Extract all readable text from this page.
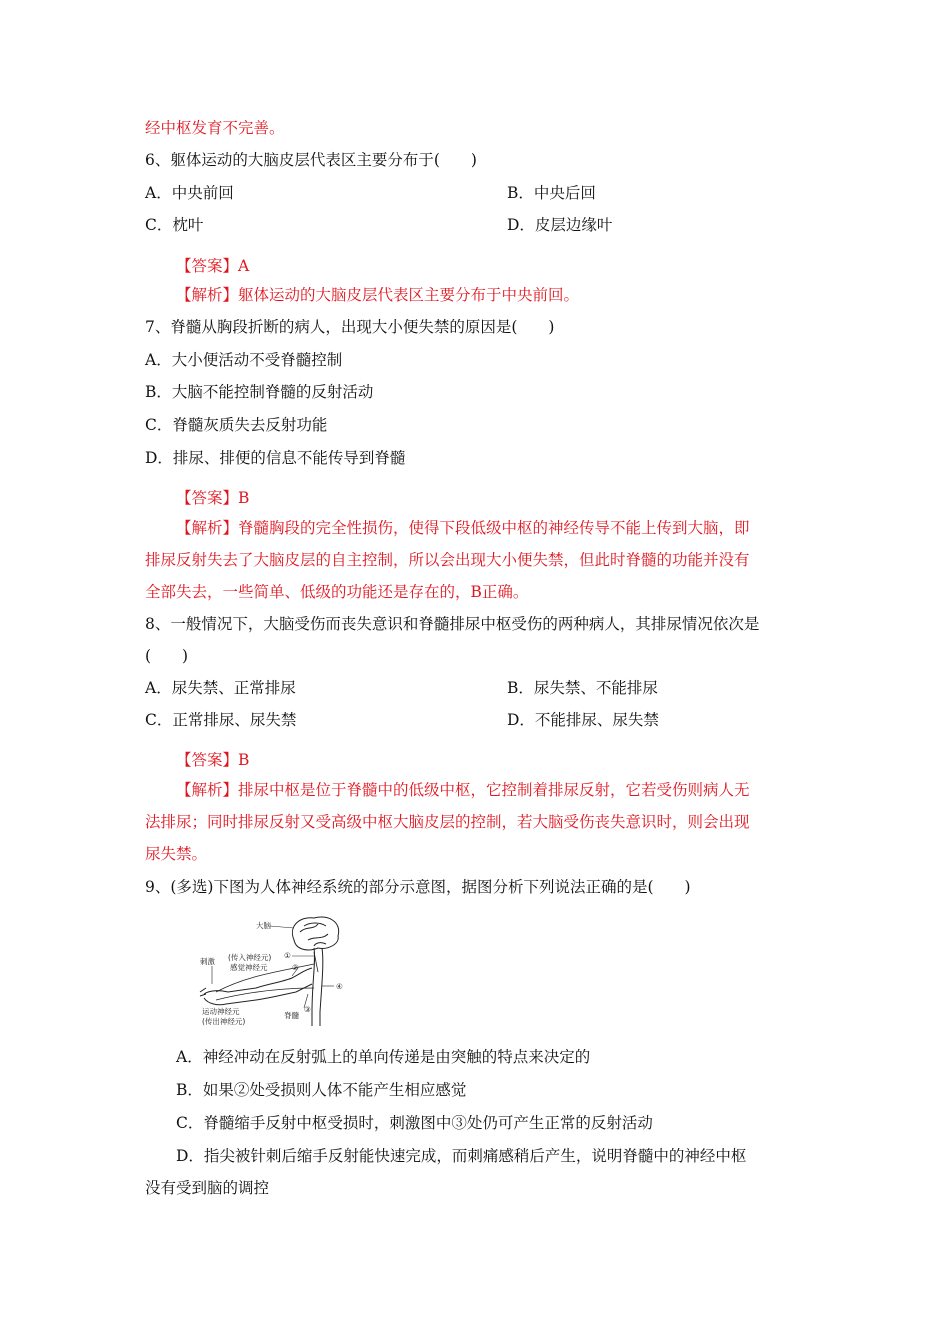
经中枢发育不完善。
6、躯体运动的大脑皮层代表区主要分布于(　　)
A．中央前回	B．中央后回
C．枕叶	D．皮层边缘叶
【答案】A
【解析】躯体运动的大脑皮层代表区主要分布于中央前回。
7、脊髓从胸段折断的病人，出现大小便失禁的原因是(　　)
A．大小便活动不受脊髓控制
B．大脑不能控制脊髓的反射活动
C．脊髓灰质失去反射功能
D．排尿、排便的信息不能传导到脊髓
【答案】B
【解析】脊髓胸段的完全性损伤，使得下段低级中枢的神经传导不能上传到大脑，即
排尿反射失去了大脑皮层的自主控制，所以会出现大小便失禁，但此时脊髓的功能并没有
全部失去，一些简单、低级的功能还是存在的，B正确。
8、一般情况下，大脑受伤而丧失意识和脊髓排尿中枢受伤的两种病人，其排尿情况依次是
(　　)
A．尿失禁、正常排尿	B．尿失禁、不能排尿
C．正常排尿、尿失禁	D．不能排尿、尿失禁
【答案】B
【解析】排尿中枢是位于脊髓中的低级中枢，它控制着排尿反射，它若受伤则病人无
法排尿；同时排尿反射又受高级中枢大脑皮层的控制，若大脑受伤丧失意识时，则会出现
尿失禁。
9、(多选)下图为人体神经系统的部分示意图，据图分析下列说法正确的是(　　)
A．神经冲动在反射弧上的单向传递是由突触的特点来决定的
B．如果②处受损则人体不能产生相应感觉
C．脊髓缩手反射中枢受损时，刺激图中③处仍可产生正常的反射活动
D．指尖被针刺后缩手反射能快速完成，而刺痛感稍后产生，说明脊髓中的神经中枢
没有受到脑的调控
大脑
刺激 (传入神经元)
感觉神经元
①
②
③
④
脊髓
运动神经元
(传出神经元)
